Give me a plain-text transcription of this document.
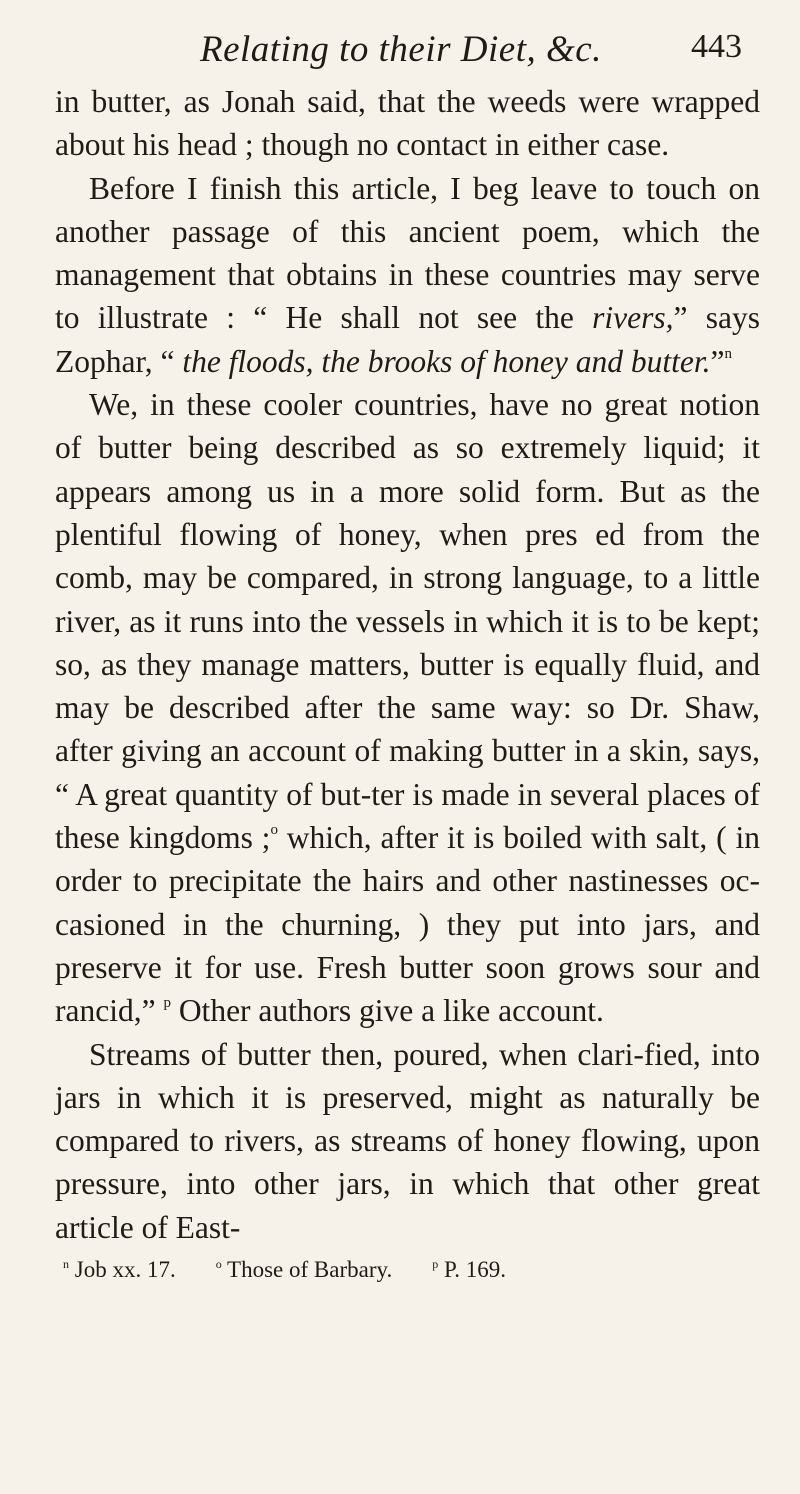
Relating to their Diet, &c.	443

in butter, as Jonah said, that the weeds were wrapped about his head ; though no contact in either case.

Before I finish this article, I beg leave to touch on another passage of this ancient poem, which the management that obtains in these countries may serve to illustrate : “ He shall not see the rivers,” says Zophar, “ the floods, the brooks of honey and butter.”$^n$

We, in these cooler countries, have no great notion of butter being described as so extremely liquid; it appears among us in a more solid form. But as the plentiful flowing of honey, when pres ed from the comb, may be compared, in strong language, to a little river, as it runs into the vessels in which it is to be kept; so, as they manage matters, butter is equally fluid, and may be described after the same way: so Dr. Shaw, after giving an account of making butter in a skin, says, “ A great quantity of but-ter is made in several places of these kingdoms ;$^o$ which, after it is boiled with salt, ( in order to precipitate the hairs and other nastinesses oc-casioned in the churning, ) they put into jars, and preserve it for use. Fresh butter soon grows sour and rancid,” $^p$ Other authors give a like account.

Streams of butter then, poured, when clari-fied, into jars in which it is preserved, might as naturally be compared to rivers, as streams of honey flowing, upon pressure, into other jars, in which that other great article of East-

$^n$ Job xx. 17.	$^o$ Those of Barbary.	$^p$ P. 169.
